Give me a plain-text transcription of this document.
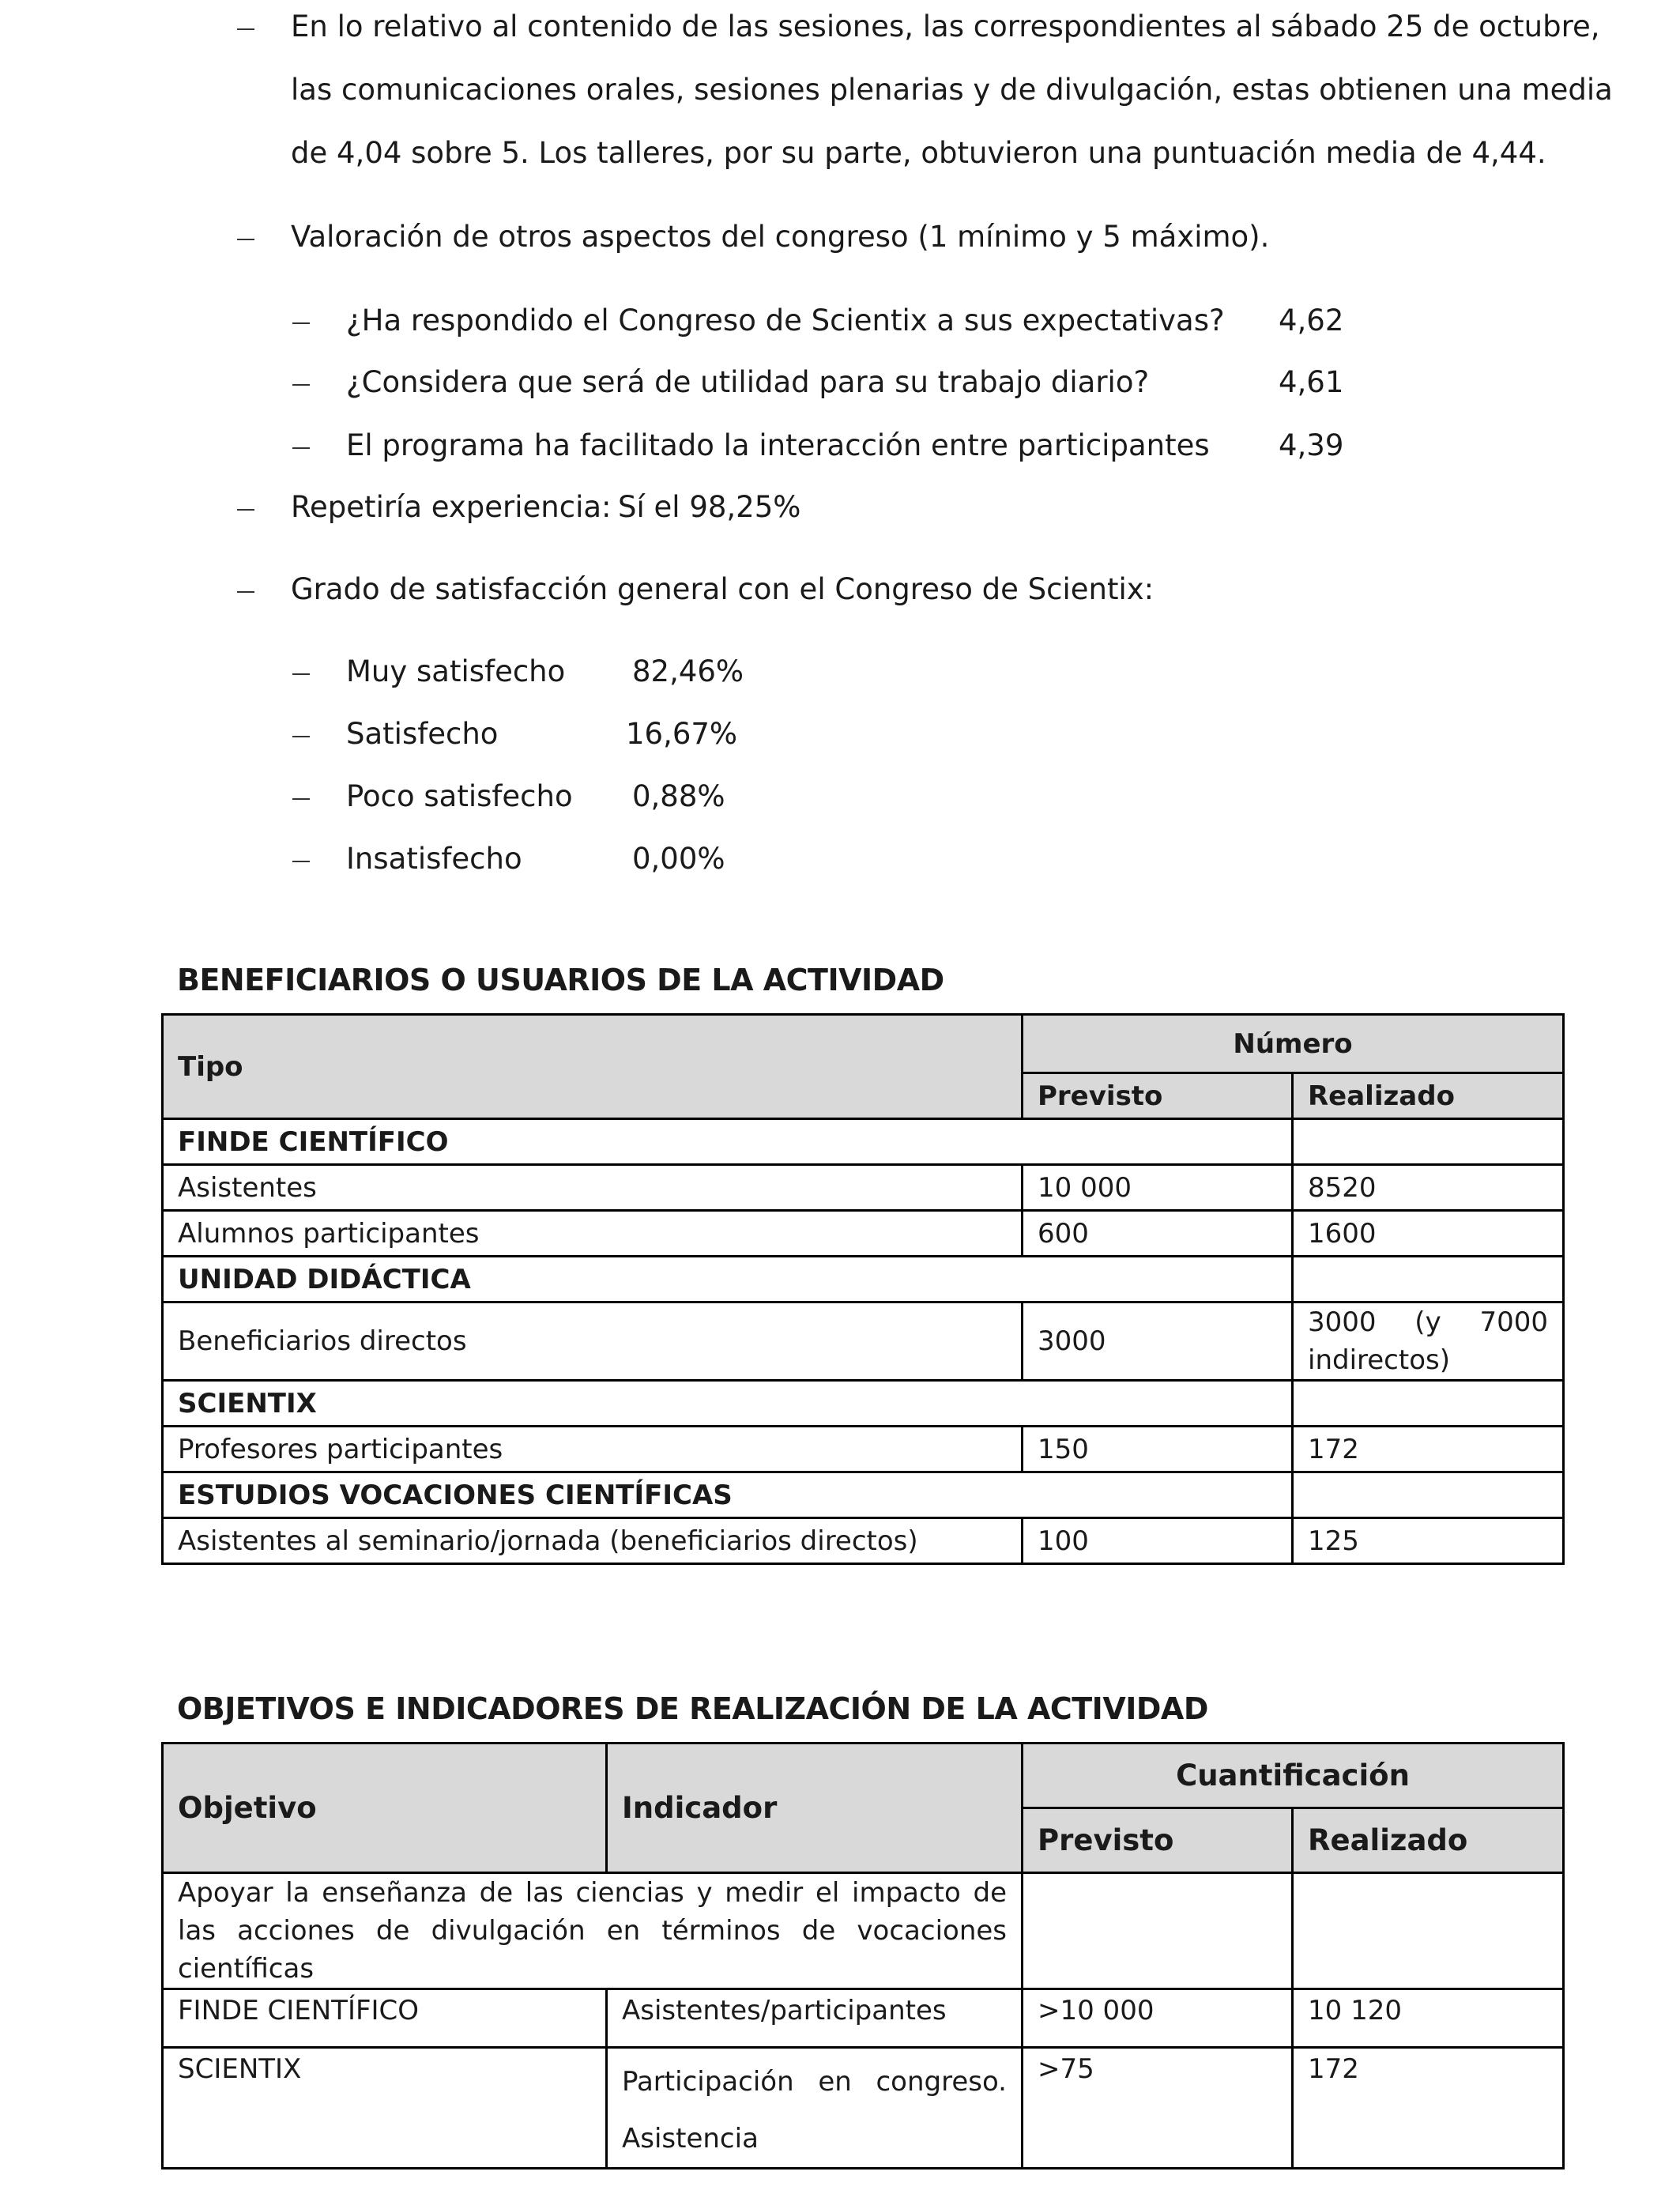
En lo relativo al contenido de las sesiones, las correspondientes al sábado 25 de octubre,
las comunicaciones orales, sesiones plenarias y de divulgación, estas obtienen una media
de 4,04 sobre 5. Los talleres, por su parte, obtuvieron una puntuación media de 4,44.
Valoración de otros aspectos del congreso (1 mínimo y 5 máximo).
¿Ha respondido el Congreso de Scientix a sus expectativas? 4,62
¿Considera que será de utilidad para su trabajo diario?	4,61
El programa ha facilitado la interacción entre participantes 4,39
Repetiría experiencia: Sí el 98,25%
Grado de satisfacción general con el Congreso de Scientix:
Muy satisfecho 82,46%
Satisfecho	16,67%
Poco satisfecho 0,88%
Insatisfecho	0,00%
BENEFICIARIOS O USUARIOS DE LA ACTIVIDAD
Tipo	Número	
	Previsto	Realizado
FINDE CIENTÍFICO		
Asistentes	10 000	8520
Alumnos participantes	600	1600
UNIDAD DIDÁCTICA		
Beneficiarios directos	3000	3000 (y 7000 indirectos)
SCIENTIX		
Profesores participantes	150	172
ESTUDIOS VOCACIONES CIENTÍFICAS		
Asistentes al seminario/jornada (beneficiarios directos)	100	125
OBJETIVOS E INDICADORES DE REALIZACIÓN DE LA ACTIVIDAD
Objetivo	Indicador	Cuantificación	
		Previsto	Realizado
Apoyar la enseñanza de las ciencias y medir el impacto de las acciones de divulgación en términos de vocaciones científicas			
FINDE CIENTÍFICO	Asistentes/participantes	>10 000	10 120
SCIENTIX	Participación en congreso. Asistencia	>75	172
